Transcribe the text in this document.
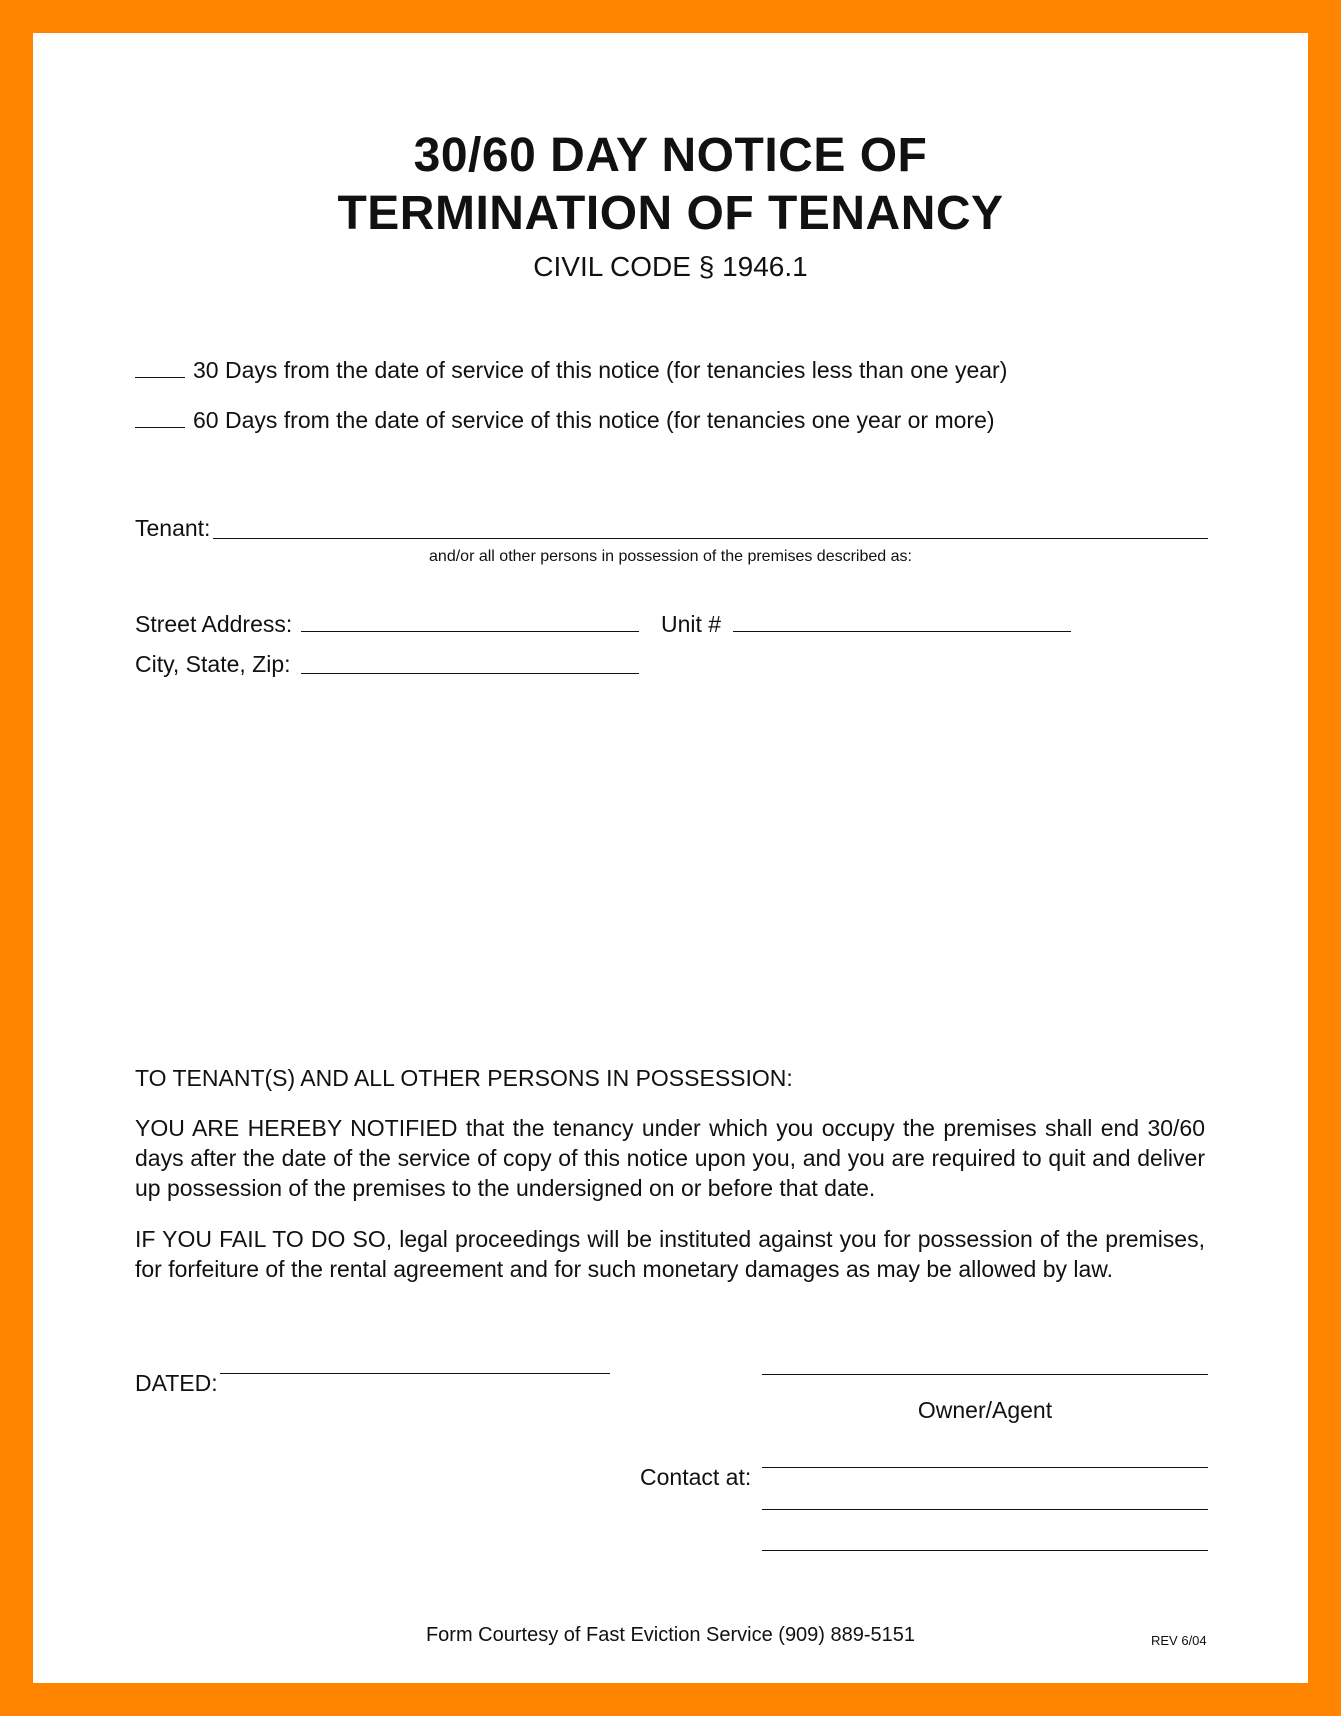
30/60 DAY NOTICE OF
TERMINATION OF TENANCY
CIVIL CODE § 1946.1
30 Days from the date of service of this notice (for tenancies less than one year)
60 Days from the date of service of this notice (for tenancies one year or more)
Tenant:
and/or all other persons in possession of the premises described as:
Street Address:	Unit #
City, State, Zip:
TO TENANT(S) AND ALL OTHER PERSONS IN POSSESSION:
YOU ARE HEREBY NOTIFIED that the tenancy under which you occupy the premises shall end 30/60 days after the date of the service of copy of this notice upon you, and you are required to quit and deliver up possession of the premises to the undersigned on or before that date.
IF YOU FAIL TO DO SO, legal proceedings will be instituted against you for possession of the premises, for forfeiture of the rental agreement and for such monetary damages as may be allowed by law.
DATED:
Owner/Agent
Contact at:
Form Courtesy of Fast Eviction Service (909) 889-5151	REV 6/04
